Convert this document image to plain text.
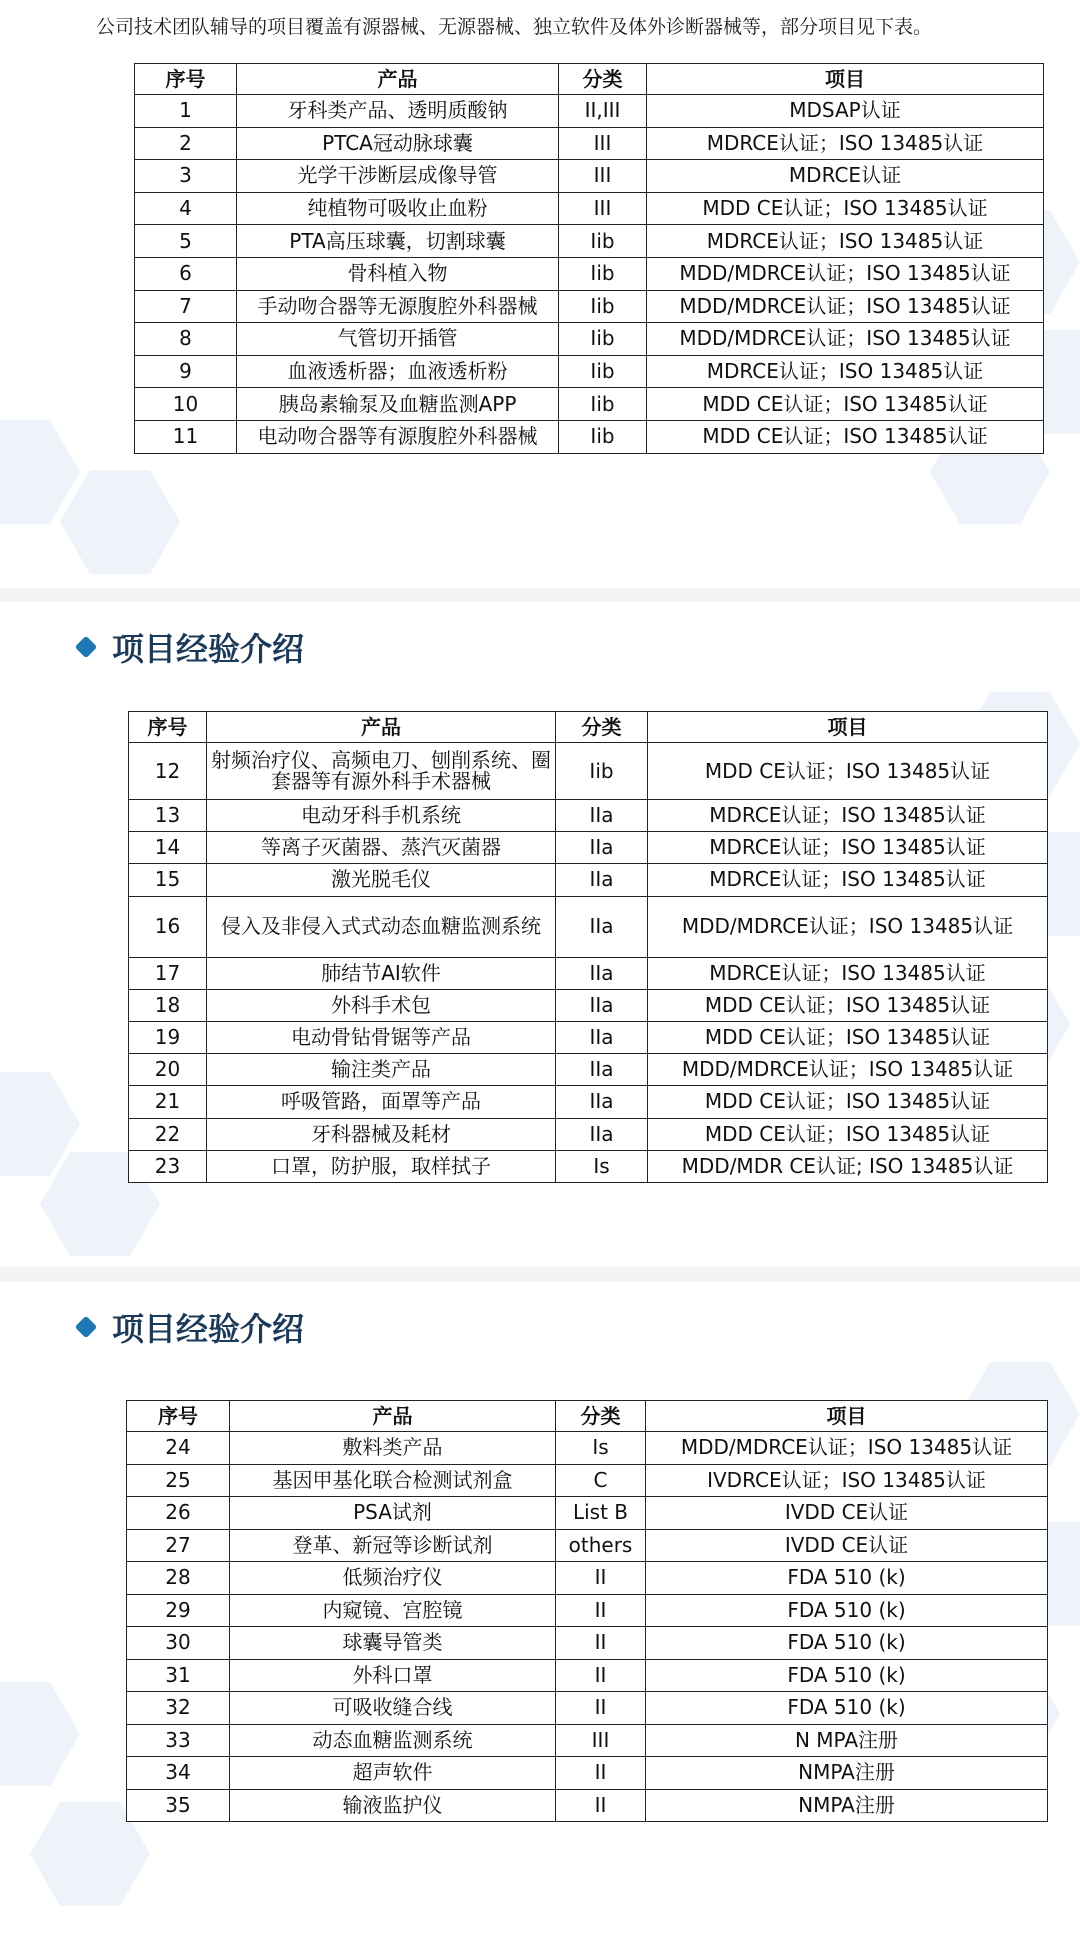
公司技术团队辅导的项目覆盖有源器械、无源器械、独立软件及体外诊断器械等，部分项目见下表。
序号	产品	分类	项目
1	牙科类产品、透明质酸钠	II,III	MDSAP认证
2	PTCA冠动脉球囊	III	MDRCE认证；ISO 13485认证
3	光学干涉断层成像导管	III	MDRCE认证
4	纯植物可吸收止血粉	III	MDD CE认证；ISO 13485认证
5	PTA高压球囊，切割球囊	Iib	MDRCE认证；ISO 13485认证
6	骨科植入物	Iib	MDD/MDRCE认证；ISO 13485认证
7	手动吻合器等无源腹腔外科器械	Iib	MDD/MDRCE认证；ISO 13485认证
8	气管切开插管	Iib	MDD/MDRCE认证；ISO 13485认证
9	血液透析器；血液透析粉	Iib	MDRCE认证；ISO 13485认证
10	胰岛素输泵及血糖监测APP	Iib	MDD CE认证；ISO 13485认证
11	电动吻合器等有源腹腔外科器械	Iib	MDD CE认证；ISO 13485认证
项目经验介绍
序号	产品	分类	项目
12	射频治疗仪、高频电刀、刨削系统、圈套器等有源外科手术器械	Iib	MDD CE认证；ISO 13485认证
13	电动牙科手机系统	IIa	MDRCE认证；ISO 13485认证
14	等离子灭菌器、蒸汽灭菌器	IIa	MDRCE认证；ISO 13485认证
15	激光脱毛仪	IIa	MDRCE认证；ISO 13485认证
16	侵入及非侵入式式动态血糖监测系统	IIa	MDD/MDRCE认证；ISO 13485认证
17	肺结节AI软件	IIa	MDRCE认证；ISO 13485认证
18	外科手术包	IIa	MDD CE认证；ISO 13485认证
19	电动骨钻骨锯等产品	IIa	MDD CE认证；ISO 13485认证
20	输注类产品	IIa	MDD/MDRCE认证；ISO 13485认证
21	呼吸管路，面罩等产品	IIa	MDD CE认证；ISO 13485认证
22	牙科器械及耗材	IIa	MDD CE认证；ISO 13485认证
23	口罩，防护服，取样拭子	Is	MDD/MDR CE认证; ISO 13485认证
项目经验介绍
序号	产品	分类	项目
24	敷料类产品	Is	MDD/MDRCE认证；ISO 13485认证
25	基因甲基化联合检测试剂盒	C	IVDRCE认证；ISO 13485认证
26	PSA试剂	List B	IVDD CE认证
27	登革、新冠等诊断试剂	others	IVDD CE认证
28	低频治疗仪	II	FDA 510 (k)
29	内窥镜、宫腔镜	II	FDA 510 (k)
30	球囊导管类	II	FDA 510 (k)
31	外科口罩	II	FDA 510 (k)
32	可吸收缝合线	II	FDA 510 (k)
33	动态血糖监测系统	III	N MPA注册
34	超声软件	II	NMPA注册
35	输液监护仪	II	NMPA注册
